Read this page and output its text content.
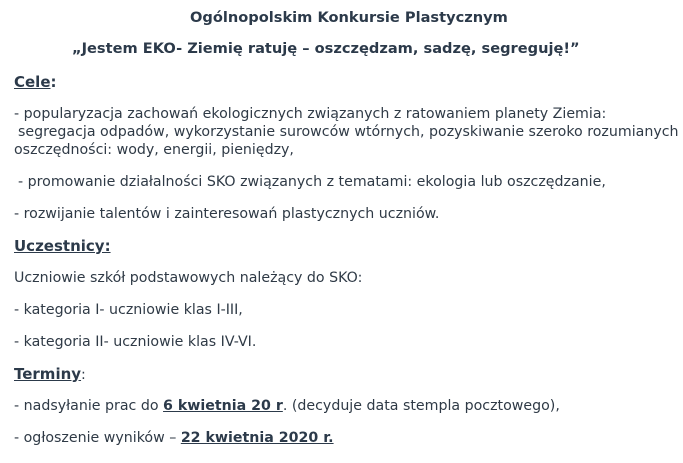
Ogólnopolskim Konkursie Plastycznym
„Jestem EKO- Ziemię ratuję – oszczędzam, sadzę, segreguję!”
Cele:
- popularyzacja zachowań ekologicznych związanych z ratowaniem planety Ziemia:
segregacja odpadów, wykorzystanie surowców wtórnych, pozyskiwanie szeroko rozumianych
oszczędności: wody, energii, pieniędzy,
- promowanie działalności SKO związanych z tematami: ekologia lub oszczędzanie,
- rozwijanie talentów i zainteresowań plastycznych uczniów.
Uczestnicy:
Uczniowie szkół podstawowych należący do SKO:
- kategoria I- uczniowie klas I-III,
- kategoria II- uczniowie klas IV-VI.
Terminy:
- nadsyłanie prac do 6 kwietnia 20 r. (decyduje data stempla pocztowego),
- ogłoszenie wyników – 22 kwietnia 2020 r.
